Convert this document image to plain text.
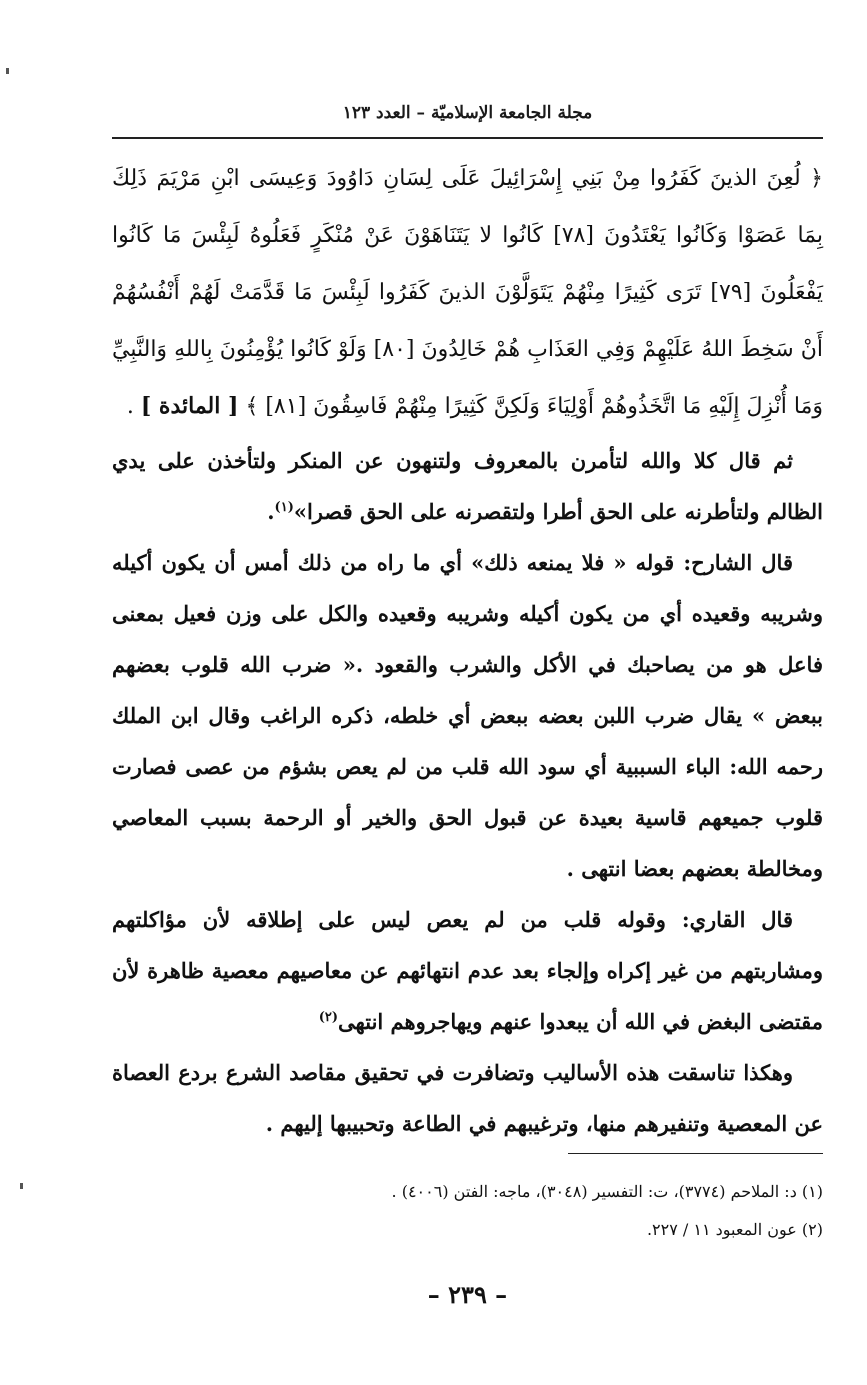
مجلة الجامعة الإسلاميّة – العدد ١٢٣

﴿ لُعِنَ الذينَ كَفَرُوا مِنْ بَنِي إِسْرَائِيلَ عَلَى لِسَانِ دَاوُودَ وَعِيسَى ابْنِ مَرْيَمَ ذَلِكَ بِمَا عَصَوْا وَكَانُوا يَعْتَدُونَ [٧٨] كَانُوا لا يَتَنَاهَوْنَ عَنْ مُنْكَرٍ فَعَلُوهُ لَبِئْسَ مَا كَانُوا يَفْعَلُونَ [٧٩] تَرَى كَثِيرًا مِنْهُمْ يَتَوَلَّوْنَ الذينَ كَفَرُوا لَبِئْسَ مَا قَدَّمَتْ لَهُمْ أَنْفُسُهُمْ أَنْ سَخِطَ اللهُ عَلَيْهِمْ وَفِي العَذَابِ هُمْ خَالِدُونَ [٨٠] وَلَوْ كَانُوا يُؤْمِنُونَ بِاللهِ وَالنَّبِيِّ وَمَا أُنْزِلَ إِلَيْهِ مَا اتَّخَذُوهُمْ أَوْلِيَاءَ وَلَكِنَّ كَثِيرًا مِنْهُمْ فَاسِقُونَ [٨١] ﴾ [ المائدة ] .

ثم قال كلا والله لتأمرن بالمعروف ولتنهون عن المنكر ولتأخذن على يدي الظالم ولتأطرنه على الحق أطرا ولتقصرنه على الحق قصرا»$^{(١)}$.

قال الشارح: قوله « فلا يمنعه ذلك» أي ما راه من ذلك أمس أن يكون أكيله وشريبه وقعيده أي من يكون أكيله وشريبه وقعيده والكل على وزن فعيل بمعنى فاعل هو من يصاحبك في الأكل والشرب والقعود .« ضرب الله قلوب بعضهم ببعض » يقال ضرب اللبن بعضه ببعض أي خلطه، ذكره الراغب وقال ابن الملك رحمه الله: الباء السببية أي سود الله قلب من لم يعص بشؤم من عصى فصارت قلوب جميعهم قاسية بعيدة عن قبول الحق والخير أو الرحمة بسبب المعاصي ومخالطة بعضهم بعضا انتهى .

قال القاري: وقوله قلب من لم يعص ليس على إطلاقه لأن مؤاكلتهم ومشاربتهم من غير إكراه وإلجاء بعد عدم انتهائهم عن معاصيهم معصية ظاهرة لأن مقتضى البغض في الله أن يبعدوا عنهم ويهاجروهم انتهى$^{(٢)}$

وهكذا تناسقت هذه الأساليب وتضافرت في تحقيق مقاصد الشرع بردع العصاة عن المعصية وتنفيرهم منها، وترغيبهم في الطاعة وتحبيبها إليهم .

(١) د: الملاحم (٣٧٧٤)، ت: التفسير (٣٠٤٨)، ماجه: الفتن (٤٠٠٦) .

(٢) عون المعبود ١١ / ٢٢٧.

– ٢٣٩ –
